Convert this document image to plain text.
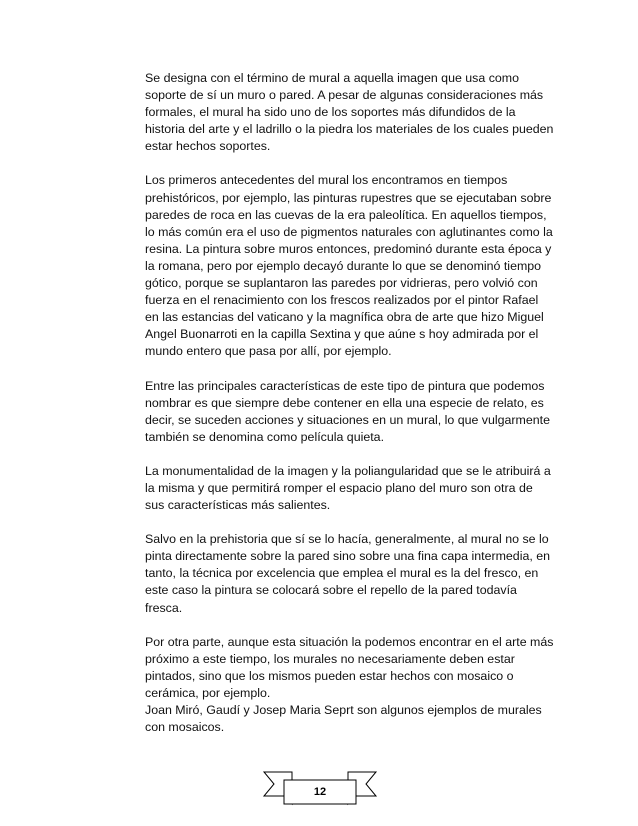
Se designa con el término de mural a aquella imagen que usa como soporte de sí un muro o pared. A pesar de algunas consideraciones más formales, el mural ha sido uno de los soportes más difundidos de la historia del arte y el ladrillo o la piedra los materiales de los cuales pueden estar hechos soportes.

Los primeros antecedentes del mural los encontramos en tiempos prehistóricos, por ejemplo, las pinturas rupestres que se ejecutaban sobre paredes de roca en las cuevas de la era paleolítica. En aquellos tiempos, lo más común era el uso de pigmentos naturales con aglutinantes como la resina. La pintura sobre muros entonces, predominó durante esta época y la romana, pero por ejemplo decayó durante lo que se denominó tiempo gótico, porque se suplantaron las paredes por vidrieras, pero volvió con fuerza en el renacimiento con los frescos realizados por el pintor Rafael en las estancias del vaticano y la magnífica obra de arte que hizo Miguel Angel Buonarroti en la capilla Sextina y que aúne s hoy admirada por el mundo entero que pasa por allí, por ejemplo.

Entre las principales características de este tipo de pintura que podemos nombrar es que siempre debe contener en ella una especie de relato, es decir, se suceden acciones y situaciones en un mural, lo que vulgarmente también se denomina como película quieta.

La monumentalidad de la imagen y la poliangularidad que se le atribuirá a la misma y que permitirá romper el espacio plano del muro son otra de sus características más salientes.

Salvo en la prehistoria que sí se lo hacía, generalmente, al mural no se lo pinta directamente sobre la pared sino sobre una fina capa intermedia, en tanto, la técnica por excelencia que emplea el mural es la del fresco, en este caso la pintura se colocará sobre el repello de la pared todavía fresca.

Por otra parte, aunque esta situación la podemos encontrar en el arte más próximo a este tiempo, los murales no necesariamente deben estar pintados, sino que los mismos pueden estar hechos con mosaico o cerámica, por ejemplo.

Joan Miró, Gaudí y Josep Maria Seprt son algunos ejemplos de murales con mosaicos.

12
